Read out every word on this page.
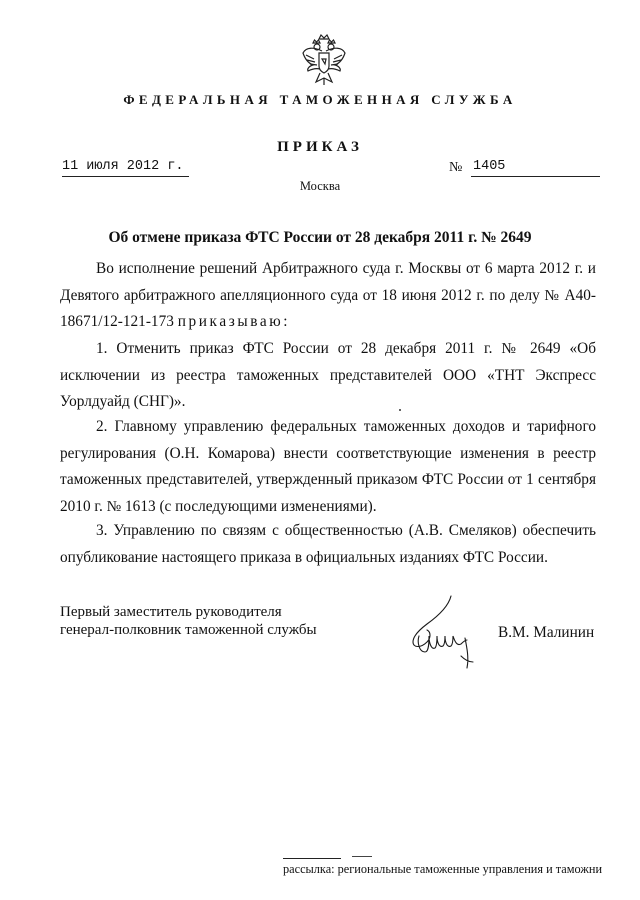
ФЕДЕРАЛЬНАЯ ТАМОЖЕННАЯ СЛУЖБА
ПРИКАЗ
11 июля 2012 г.	№ 1405
Москва
Об отмене приказа ФТС России от 28 декабря 2011 г. № 2649

Во исполнение решений Арбитражного суда г. Москвы от 6 марта 2012 г. и Девятого арбитражного апелляционного суда от 18 июня 2012 г. по делу № А40-18671/12-121-173 приказываю:

1. Отменить приказ ФТС России от 28 декабря 2011 г. № 2649 «Об исключении из реестра таможенных представителей ООО «ТНТ Экспресс Уорлдуайд (СНГ)».

2. Главному управлению федеральных таможенных доходов и тарифного регулирования (О.Н. Комарова) внести соответствующие изменения в реестр таможенных представителей, утвержденный приказом ФТС России от 1 сентября 2010 г. № 1613 (с последующими изменениями).

3. Управлению по связям с общественностью (А.В. Смеляков) обеспечить опубликование настоящего приказа в официальных изданиях ФТС России.

Первый заместитель руководителя
генерал-полковник таможенной службы	В.М. Малинин
рассылка: региональные таможенные управления и таможни
